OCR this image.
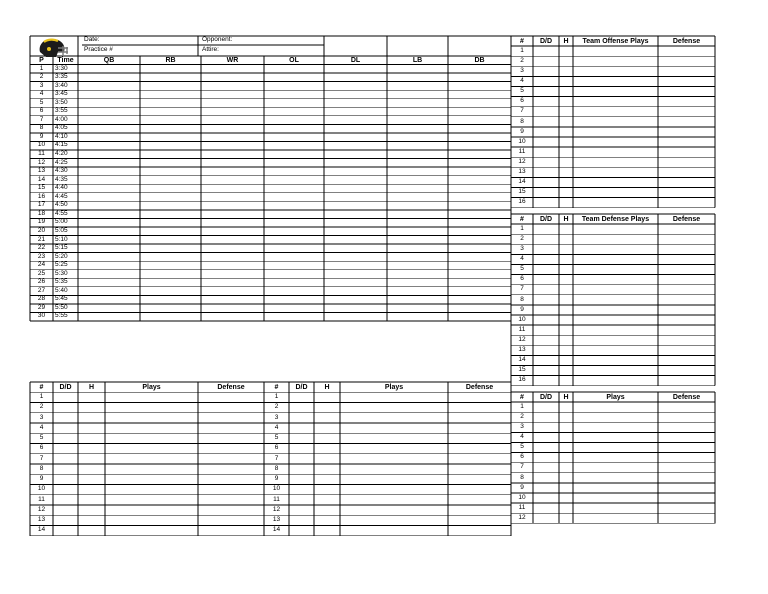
Date:
Practice #
Opponent:
Attire:
P	Time	QB	RB	WR	OL	DL	LB	DB
1	3:30
2	3:35
3	3:40
4	3:45
5	3:50
6	3:55
7	4:00
8	4:05
9	4:10
10	4:15
11	4:20
12	4:25
13	4:30
14	4:35
15	4:40
16	4:45
17	4:50
18	4:55
19	5:00
20	5:05
21	5:10
22	5:15
23	5:20
24	5:25
25	5:30
26	5:35
27	5:40
28	5:45
29	5:50
30	5:55
#	D/D	H	Team Offense Plays	Defense
1
2
3
4
5
6
7
8
9
10
11
12
13
14
15
16
#	D/D	H	Team Defense Plays	Defense
1
2
3
4
5
6
7
8
9
10
11
12
13
14
15
16
#	D/D	H	Plays	Defense
1
2
3
4
5
6
7
8
9
10
11
12
13
14
#	D/D	H	Plays	Defense
1
2
3
4
5
6
7
8
9
10
11
12
13
14
#	D/D	H	Plays	Defense
1
2
3
4
5
6
7
8
9
10
11
12
